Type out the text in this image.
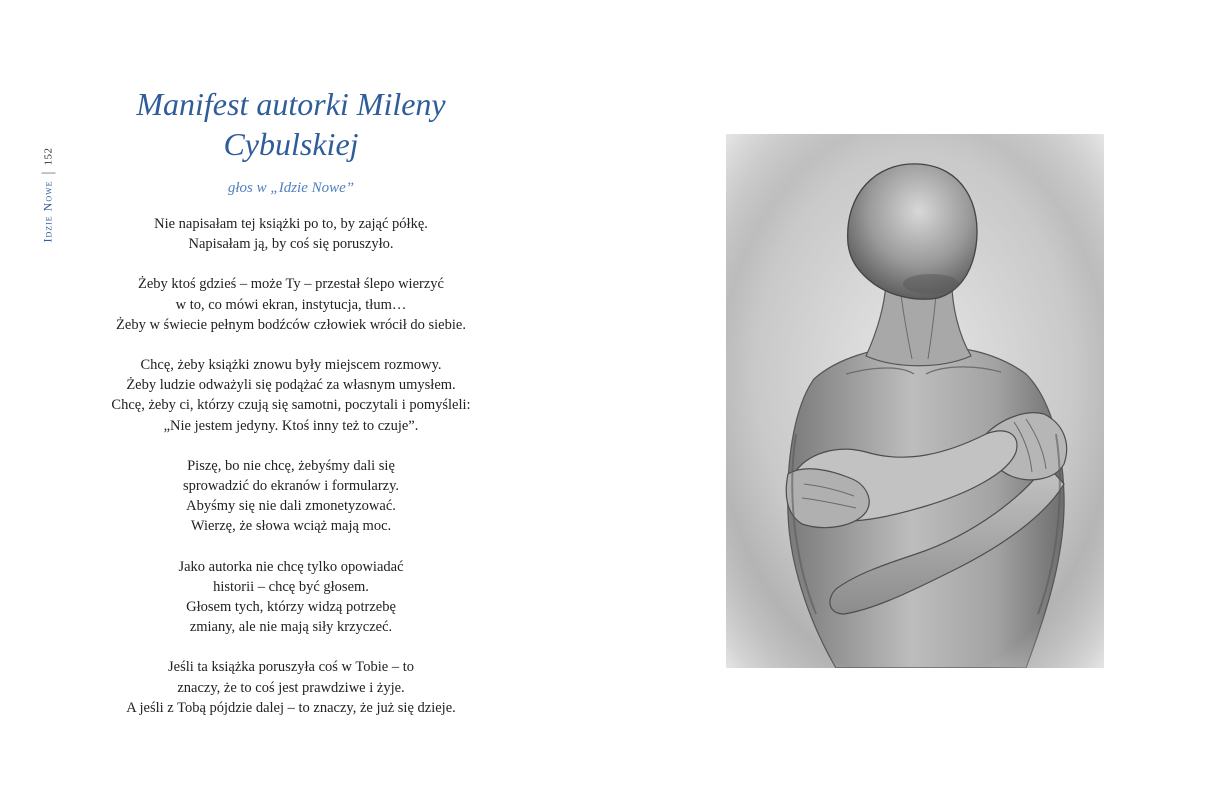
Idzie Nowe
152
Manifest autorki Mileny Cybulskiej
głos w „Idzie Nowe”
Nie napisałam tej książki po to, by zająć półkę.
Napisałam ją, by coś się poruszyło.
Żeby ktoś gdzieś – może Ty – przestał ślepo wierzyć
w to, co mówi ekran, instytucja, tłum…
Żeby w świecie pełnym bodźców człowiek wrócił do siebie.
Chcę, żeby książki znowu były miejscem rozmowy.
Żeby ludzie odważyli się podążać za własnym umysłem.
Chcę, żeby ci, którzy czują się samotni, poczytali i pomyśleli:
„Nie jestem jedyny. Ktoś inny też to czuje”.
Piszę, bo nie chcę, żebyśmy dali się
sprowadzić do ekranów i formularzy.
Abyśmy się nie dali zmonetyzować.
Wierzę, że słowa wciąż mają moc.
Jako autorka nie chcę tylko opowiadać
historii – chcę być głosem.
Głosem tych, którzy widzą potrzebę
zmiany, ale nie mają siły krzyczeć.
Jeśli ta książka poruszyła coś w Tobie – to
znaczy, że to coś jest prawdziwe i żyje.
A jeśli z Tobą pójdzie dalej – to znaczy, że już się dzieje.
